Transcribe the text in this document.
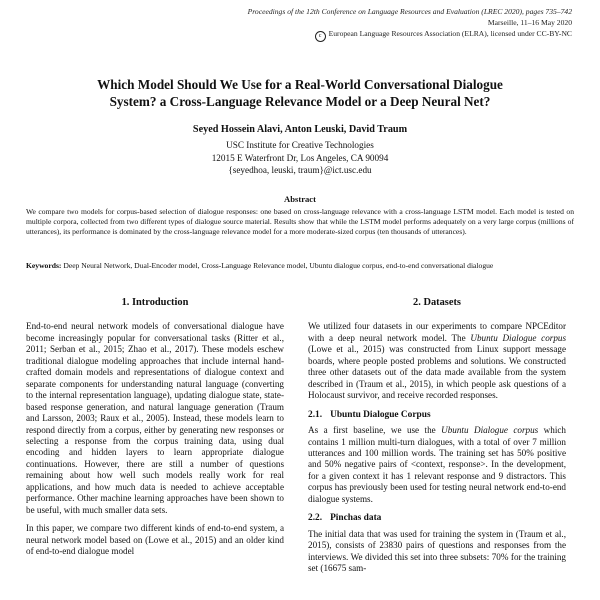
Proceedings of the 12th Conference on Language Resources and Evaluation (LREC 2020), pages 735–742
Marseille, 11–16 May 2020
c European Language Resources Association (ELRA), licensed under CC-BY-NC
Which Model Should We Use for a Real-World Conversational Dialogue
System? a Cross-Language Relevance Model or a Deep Neural Net?
Seyed Hossein Alavi, Anton Leuski, David Traum
USC Institute for Creative Technologies
12015 E Waterfront Dr, Los Angeles, CA 90094
{seyedhoa, leuski, traum}@ict.usc.edu
Abstract
We compare two models for corpus-based selection of dialogue responses: one based on cross-language relevance with a cross-language LSTM model. Each model is tested on multiple corpora, collected from two different types of dialogue source material. Results show that while the LSTM model performs adequately on a very large corpus (millions of utterances), its performance is dominated by the cross-language relevance model for a more moderate-sized corpus (ten thousands of utterances).
Keywords: Deep Neural Network, Dual-Encoder model, Cross-Language Relevance model, Ubuntu dialogue corpus, end-to-end conversational dialogue
1. Introduction

End-to-end neural network models of conversational dialogue have become increasingly popular for conversational tasks (Ritter et al., 2011; Serban et al., 2015; Zhao et al., 2017). These models eschew traditional dialogue modeling approaches that include internal hand-crafted domain models and representations of dialogue context and separate components for understanding natural language (converting to the internal representation language), updating dialogue state, state-based response generation, and natural language generation (Traum and Larsson, 2003; Raux et al., 2005). Instead, these models learn to respond directly from a corpus, either by generating new responses or selecting a response from the corpus training data, using dual encoding and hidden layers to learn appropriate dialogue continuations. However, there are still a number of questions remaining about how well such models really work for real applications, and how much data is needed to achieve acceptable performance. Other machine learning approaches have been shown to be useful, with much smaller data sets.

In this paper, we compare two different kinds of end-to-end system, a neural network model based on (Lowe et al., 2015) and an older kind of end-to-end dialogue model

2. Datasets

We utilized four datasets in our experiments to compare NPCEditor with a deep neural network model. The Ubuntu Dialogue corpus (Lowe et al., 2015) was constructed from Linux support message boards, where people posted problems and solutions. We constructed three other datasets out of the data made available from the system described in (Traum et al., 2015), in which people ask questions of a Holocaust survivor, and receive recorded responses.

2.1. Ubuntu Dialogue Corpus

As a first baseline, we use the Ubuntu Dialogue corpus which contains 1 million multi-turn dialogues, with a total of over 7 million utterances and 100 million words. The training set has 50% positive and 50% negative pairs of <context, response>. In the development, for a given context it has 1 relevant response and 9 distractors. This corpus has previously been used for testing neural network end-to-end dialogue systems.

2.2. Pinchas data

The initial data that was used for training the system in (Traum et al., 2015), consists of 23830 pairs of questions and responses from the interviews. We divided this set into three subsets: 70% for the training set (16675 sam-
